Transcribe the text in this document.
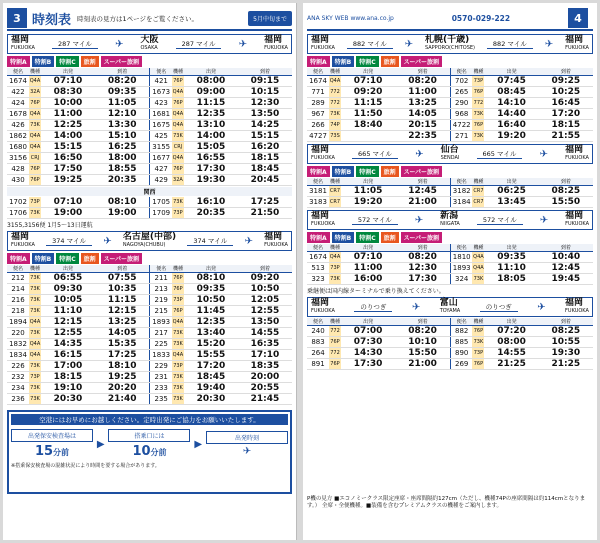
3 時刻表 時刻表の見方は1ページをご覧ください。	5月中旬まで
福岡
FUKUOKA	287 マイル	✈ 大阪
OSAKA	287 マイル	✈ 福岡
FUKUOKA
特割A	特割B	特割C	旅割	スーパー旅割
便名	機種	出発	到着	便名	機種	出発	到着
1674	Q4A	07:10	08:20	421	76P	08:00	09:15
422	32A	08:30	09:35	1673	Q4A	09:00	10:15
424	76P	10:00	11:05	423	76P	11:15	12:30
1678	Q4A	11:00	12:10	1681	Q4A	12:35	13:50
426	73K	12:25	13:30	1675	Q4A	13:10	14:25
1862	Q4A	14:00	15:10	425	73K	14:00	15:15
1680	Q4A	15:15	16:25	3155	CRJ	15:05	16:20
3156	CRJ	16:50	18:00	1677	Q4A	16:55	18:15
428	76P	17:50	18:55	427	76P	17:30	18:45
430	76P	19:25	20:35	429	32A	19:30	20:45
関西
1702	73P	07:10	08:10	1705	73K	16:10	17:25
1706	73K	19:00	19:00	1709	73P	20:35	21:50
3155,3156便 1月5〜13日運航
福岡
FUKUOKA	374 マイル	✈ 名古屋(中部)
NAGOYA(CHUBU)	374 マイル	✈ 福岡
FUKUOKA
特割A	特割B	特割C	旅割	スーパー旅割
便名	機種	出発	到着	便名	機種	出発	到着
212	73K	06:55	07:55	211	76P	08:10	09:20
214	73K	09:30	10:35	213	76P	09:35	10:50
216	73K	10:05	11:15	219	73P	10:50	12:05
218	73K	11:10	12:15	215	76P	11:45	12:55
1894	Q4A	12:15	13:25	1893	Q4A	12:35	13:50
220	73K	12:55	14:05	217	73K	13:40	14:55
1832	Q4A	14:35	15:35	225	73K	15:20	16:35
1834	Q4A	16:15	17:25	1833	Q4A	15:55	17:10
226	73K	17:00	18:10	229	73P	17:20	18:35
232	73P	18:15	19:25	231	73K	18:45	20:00
234	73K	19:10	20:20	233	73K	19:40	20:55
236	73K	20:30	21:40	235	73K	20:30	21:45
空港にはお早めにお越しください。定時出発にご協力をお願いいたします。
出発保安検査場は
15分前
▶
搭乗口には
10分前
▶	出発時刻
✈
※搭乗保安検査場の混雑状況により時間を要する場合があります。
ANA SKY WEB www.ana.co.jp	0570-029-222	4
福岡
FUKUOKA	882 マイル	✈ 札幌(千歳)
SAPPORO(CHITOSE)	882 マイル	✈ 福岡
FUKUOKA
特割A	特割B	特割C	旅割	スーパー旅割
便名	機種	出発	到着	便名	機種	出発	到着
1674	Q4A	07:10	08:20	702	73P	07:45	09:25
771	772	09:20	11:00	265	76P	08:45	10:25
289	772	11:15	13:25	290	772	14:10	16:45
967	73K	11:50	14:05	968	73K	14:40	17:20
266	74P	18:40	20:15	4722	76P	16:40	18:15
4727	73S		22:35	271	73K	19:20	21:55
福岡
FUKUOKA	665 マイル	✈ 仙台
SENDAI	665 マイル	✈ 福岡
FUKUOKA
特割A	特割B	特割C	旅割	スーパー旅割
便名	機種	出発	到着	便名	機種	出発	到着
3181	CR7	11:05	12:45	3182	CR7	06:25	08:25
3183	CR7	19:20	21:00	3184	CR7	13:45	15:50
福岡
FUKUOKA	572 マイル	✈ 新潟
NIIGATA	572 マイル	✈ 福岡
FUKUOKA
特割A	特割B	特割C	旅割	スーパー旅割
便名	機種	出発	到着	便名	機種	出発	到着
1674	Q4A	07:10	08:20	1810	Q4A	09:35	10:40
513	73P	11:00	12:30	1893	Q4A	11:10	12:45
323	73K	16:00	17:30	324	73K	18:05	19:45
乗継便は国内線ターミナルで乗り換えてください。
福岡
FUKUOKA	のりつぎ	✈ 富山
TOYAMA	のりつぎ	✈ 福岡
FUKUOKA
便名	機種	出発	到着	便名	機種	出発	到着
240	772	07:00	08:20	882	76P	07:20	08:25
883	76P	07:30	10:10	885	73K	08:00	10:55
264	772	14:30	15:50	890	73P	14:55	19:30
891	76P	17:30	21:00	269	76P	21:25	21:25
P機の見方 ■エコノミークラス限定座席・座席間隔約127cm（ただし、機種74Pの座席間隔は約114cmとなります。） 全席・全便機種。■装備を含むプレミアムクラスの機種をご案内します。
